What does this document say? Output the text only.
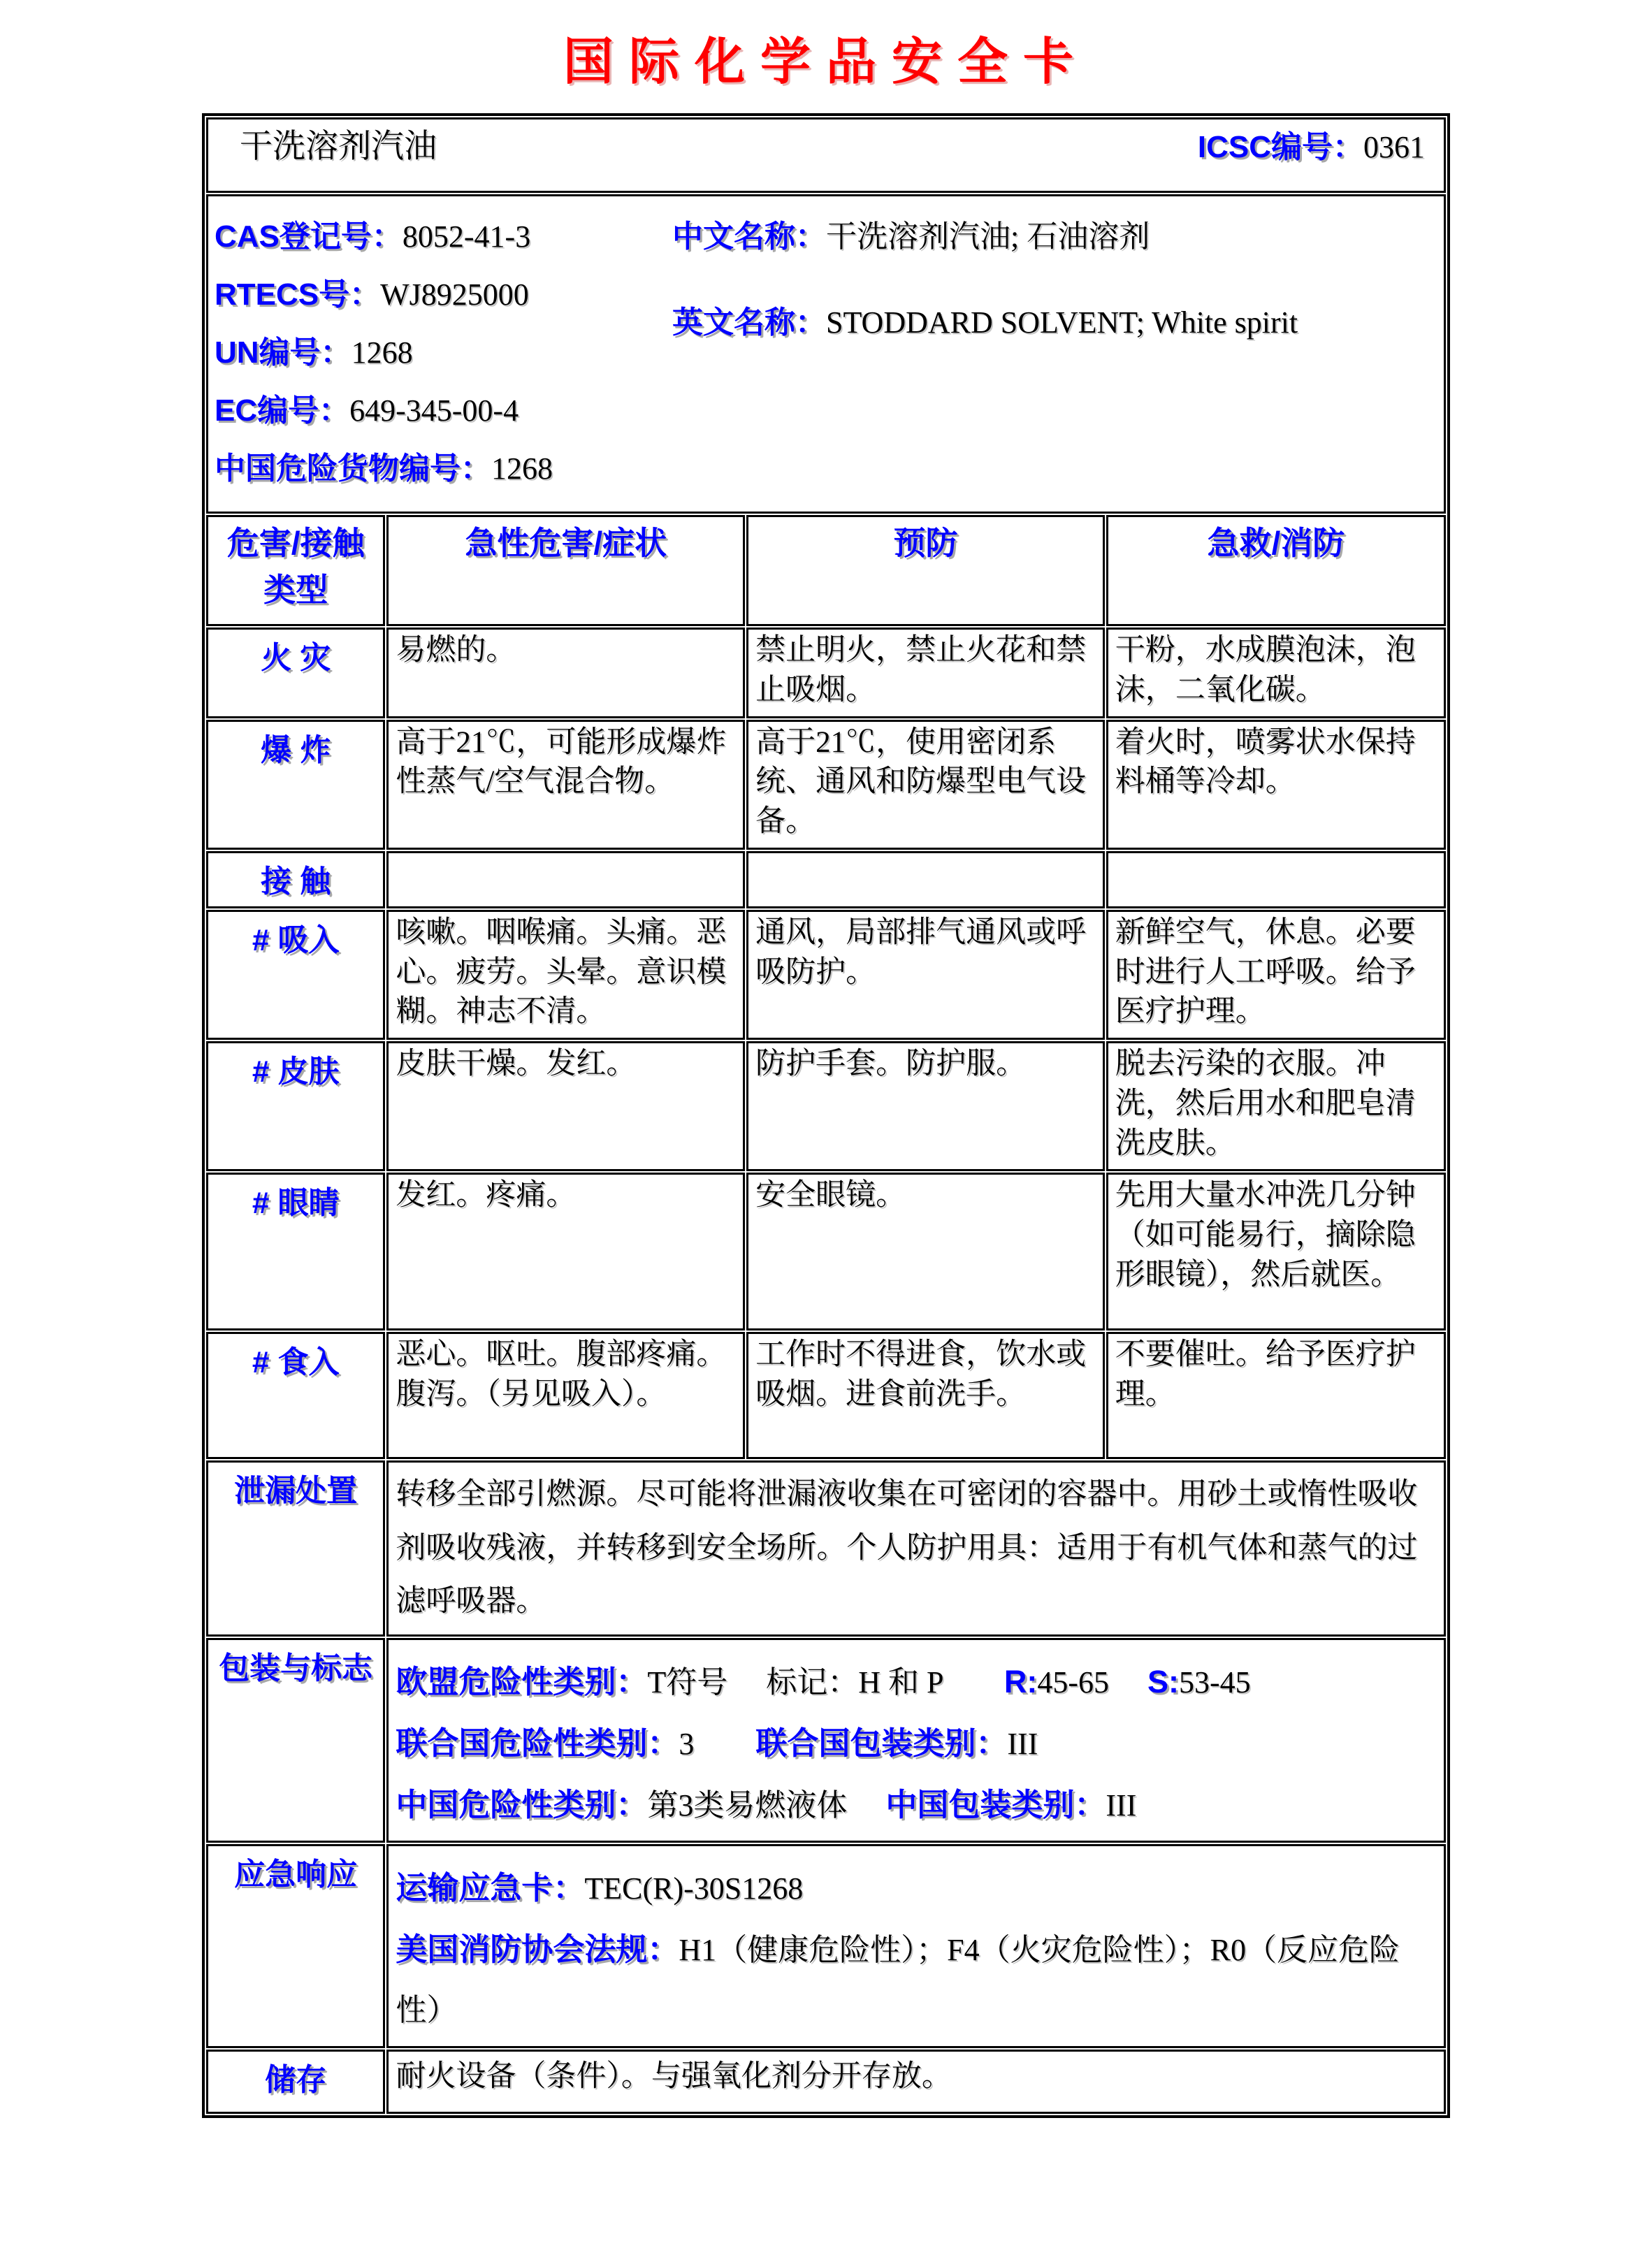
国际化学品安全卡
干洗溶剂汽油 ICSC编号：0361			

CAS登记号：8052-41-3
RTECS号：WJ8925000
UN编号：1268
EC编号：649-345-00-4
中国危险货物编号：1268
中文名称：干洗溶剂汽油; 石油溶剂
英文名称：STODDARD SOLVENT; White spirit

危害/接触类型	急性危害/症状	预防	急救/消防
火 灾	易燃的。	禁止明火，禁止火花和禁止吸烟。	干粉，水成膜泡沫，泡沫，二氧化碳。
爆 炸	高于21℃，可能形成爆炸性蒸气/空气混合物。	高于21℃，使用密闭系统、通风和防爆型电气设备。	着火时，喷雾状水保持料桶等冷却。
接 触			
# 吸入	咳嗽。咽喉痛。头痛。恶心。疲劳。头晕。意识模糊。神志不清。	通风，局部排气通风或呼吸防护。	新鲜空气，休息。必要时进行人工呼吸。给予医疗护理。
# 皮肤	皮肤干燥。发红。	防护手套。防护服。	脱去污染的衣服。冲洗，然后用水和肥皂清洗皮肤。
# 眼睛	发红。疼痛。	安全眼镜。	先用大量水冲洗几分钟（如可能易行，摘除隐形眼镜），然后就医。
# 食入	恶心。呕吐。腹部疼痛。腹泻。（另见吸入）。	工作时不得进食，饮水或吸烟。进食前洗手。	不要催吐。给予医疗护理。
泄漏处置	转移全部引燃源。尽可能将泄漏液收集在可密闭的容器中。用砂土或惰性吸收剂吸收残液，并转移到安全场所。个人防护用具：适用于有机气体和蒸气的过滤呼吸器。		
包装与标志	欧盟危险性类别：T符号　 标记：H 和 P　　R:45-65　 S:53-45
联合国危险性类别：3　　联合国包装类别：III
中国危险性类别：第3类易燃液体　 中国包装类别：III		

应急响应	运输应急卡：TEC(R)-30S1268
美国消防协会法规：H1（健康危险性）；F4（火灾危险性）；R0（反应危险性）		

储存	耐火设备（条件）。与强氧化剂分开存放。		
